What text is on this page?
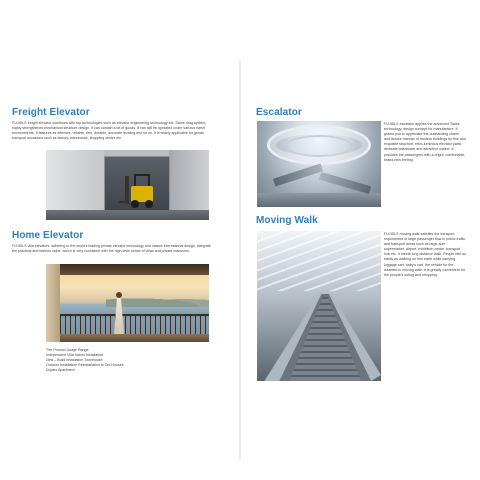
Freight Elevator
FUJIDLS freight elevator combines with top technologies such as elevator engineering technology etc. Same drag system, highly strengthened mechanical structure design. It can contain a lot of goods. It can still be operated under various harsh environments. It features as effective, reliable, firm, durable, accurate leveling and so on. It is widely applicable for goods transport occasions such as factory, warehouse, shopping center etc.
Home Elevator
FUJIDLS villa elevators, adhering to the world's leading private elevator technology and classic international design, integrate the practical and fashion value, which is very consistent with the high-level sense of villas and private mansions.
The Product Usage Range
Independent Villa Indoor Installation
New – Build Installation Townhouse
Outdoor Installation Reinstallation to Old Houses
Duplex Apartment
Escalator
FUJIDLS escalator applies the advanced Swiss technology, design concept for manufacture. It grants you to appreciate the outstanding charm and deluxe manner of modern buildings by fine and exquisite structure, retro-luminous elevator parts, dedicate balustrade and attractive outline. It provides the passengers with a bright, comfortable, brand-new feeling.
Moving Walk
FUJIDLS moving walk satisfies the transport requirement of large passenger flow in public traffic and transport areas such as large-size supermarket, airport, exhibition center, transport hub etc. It meets long-distance walk. People feel as easily as walking on firm earth while carrying luggage cart, baby's cart, the vehicle for the disabled in moving walk. It is greatly convenient for the people's outing and shopping.
